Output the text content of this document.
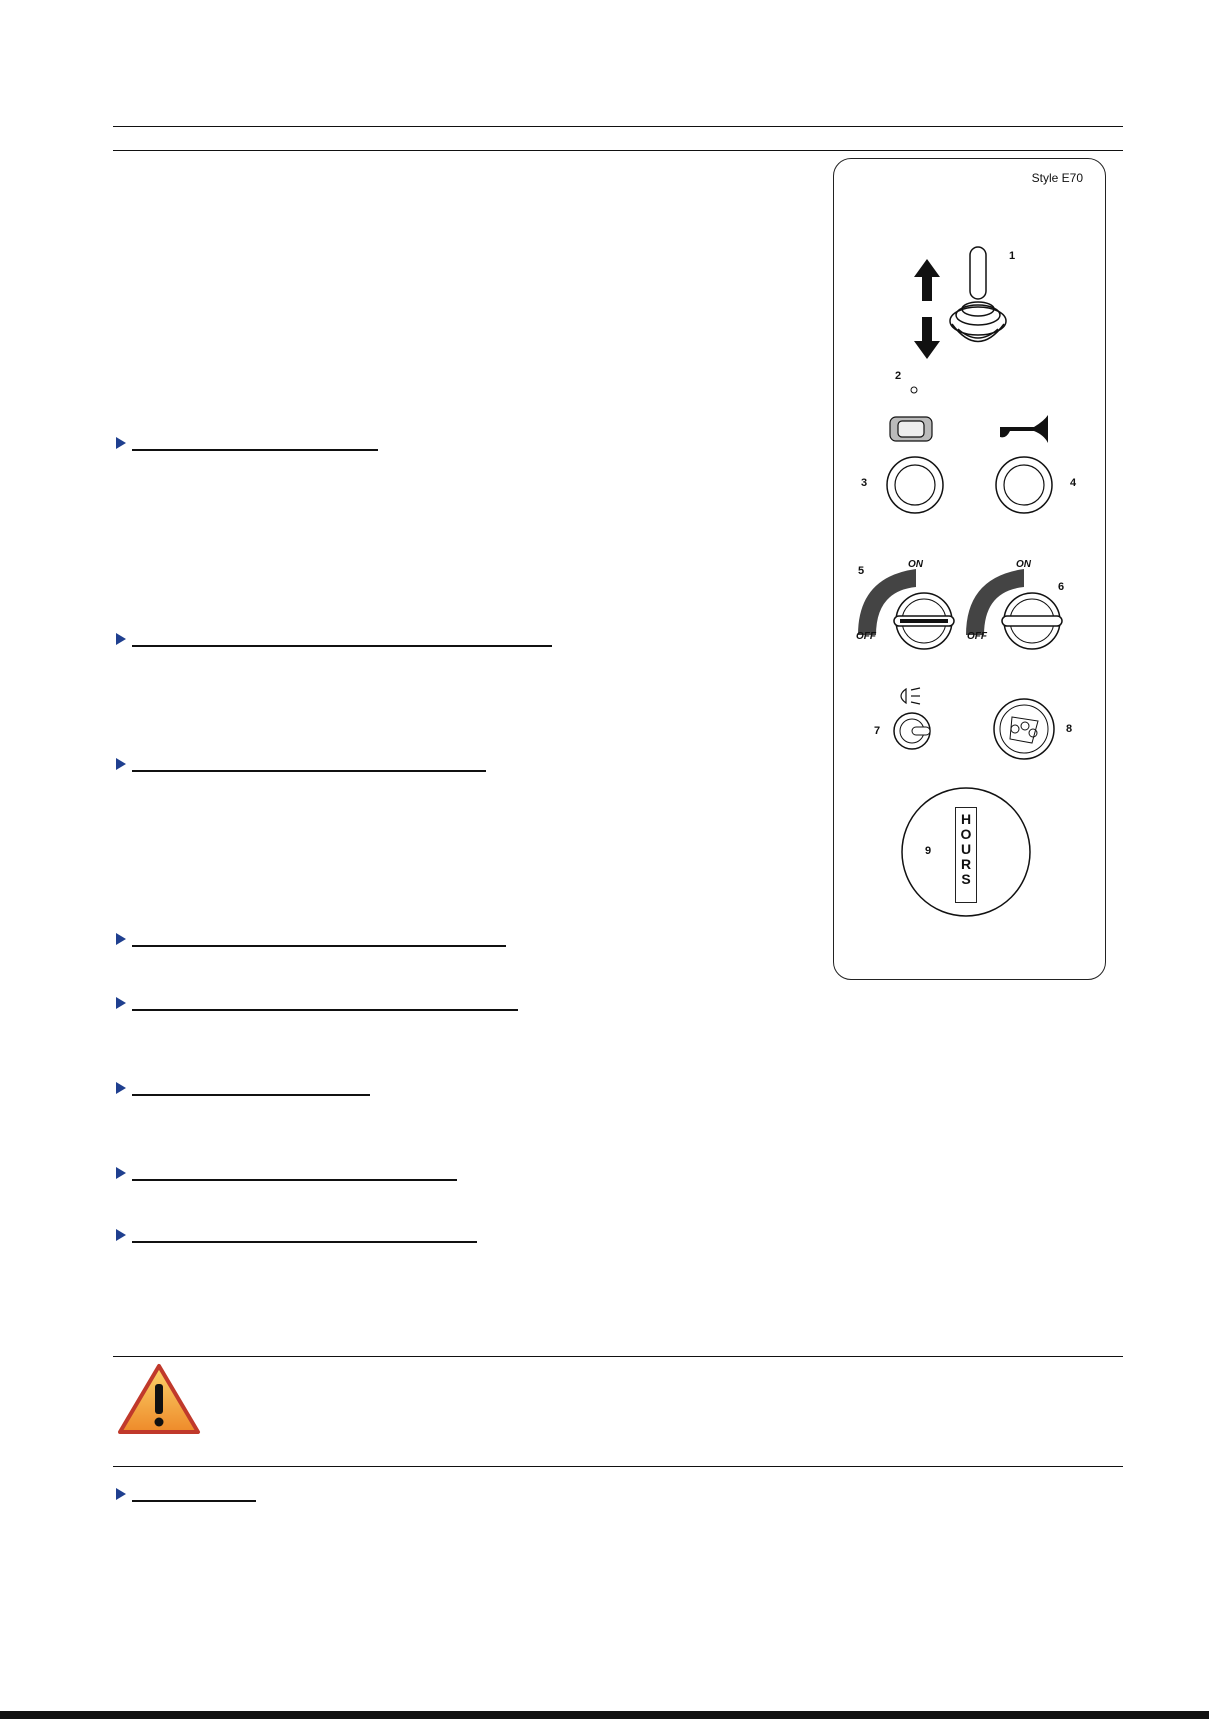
Style E70
1
2
3	4
5
6
7	8
9
ON
OFF
ON
OFF
H
O
U
R
S
